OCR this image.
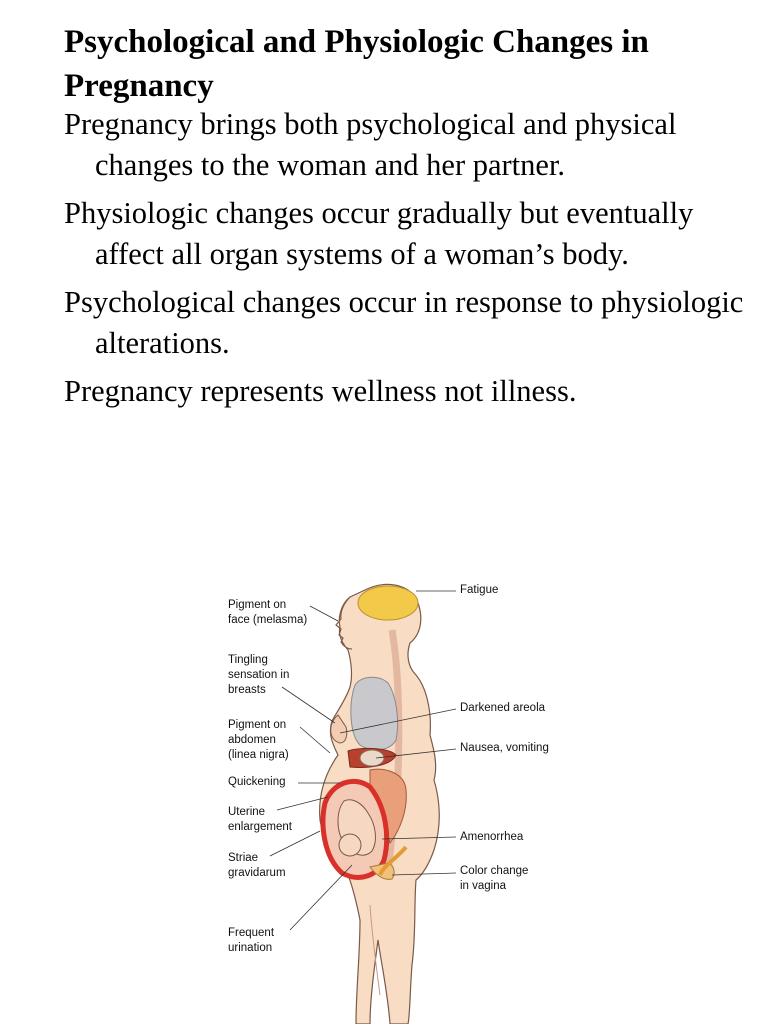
Psychological and Physiologic Changes in Pregnancy
Pregnancy brings both psychological and physical changes to the woman and her partner.
Physiologic changes occur gradually but eventually affect all organ systems of a woman’s body.
Psychological changes occur in response to physiologic alterations.
Pregnancy represents wellness not illness.
Pigment on
face (melasma)
Tingling
sensation in
breasts
Pigment on
abdomen
(linea nigra)
Quickening
Uterine
enlargement
Striae
gravidarum
Frequent
urination
Fatigue
Darkened areola
Nausea, vomiting
Amenorrhea
Color change
in vagina
